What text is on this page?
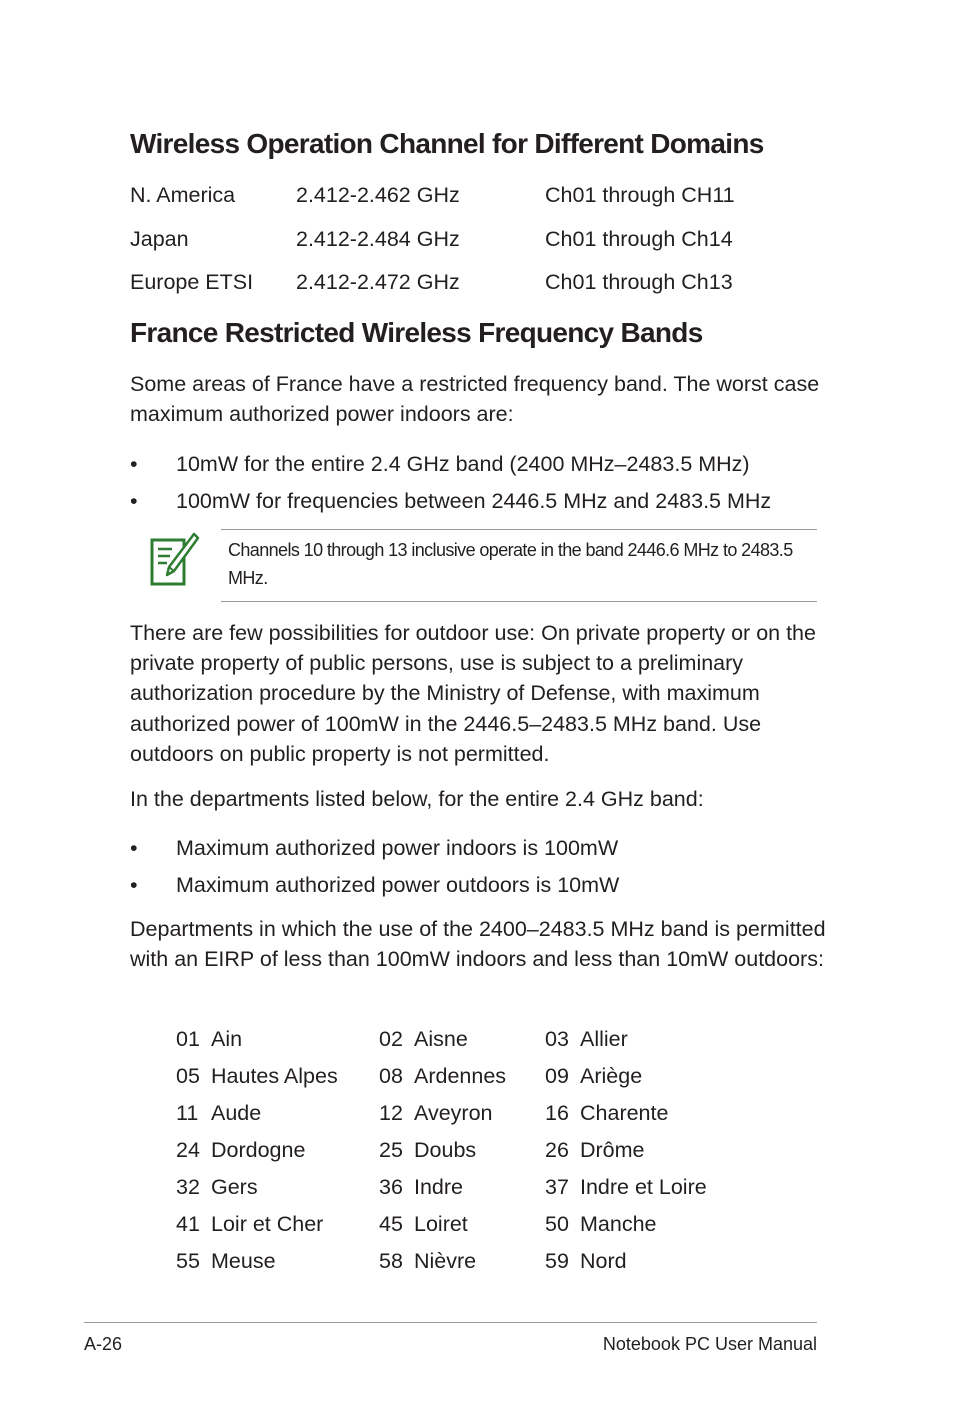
Wireless Operation Channel for Different Domains
N. America	2.412-2.462 GHz	Ch01 through CH11
Japan	2.412-2.484 GHz	Ch01 through Ch14
Europe ETSI 2.412-2.472 GHz	Ch01 through Ch13
France Restricted Wireless Frequency Bands

Some areas of France have a restricted frequency band. The worst case maximum authorized power indoors are:

• 10mW for the entire 2.4 GHz band (2400 MHz–2483.5 MHz)
• 100mW for frequencies between 2446.5 MHz and 2483.5 MHz
Channels 10 through 13 inclusive operate in the band 2446.6 MHz to 2483.5 MHz.

There are few possibilities for outdoor use: On private property or on the private property of public persons, use is subject to a preliminary authorization procedure by the Ministry of Defense, with maximum authorized power of 100mW in the 2446.5–2483.5 MHz band. Use outdoors on public property is not permitted.

In the departments listed below, for the entire 2.4 GHz band:

• Maximum authorized power indoors is 100mW
• Maximum authorized power outdoors is 10mW

Departments in which the use of the 2400–2483.5 MHz band is permitted with an EIRP of less than 100mW indoors and less than 10mW outdoors:

01 Ain	02 Aisne	03 Allier
05 Hautes Alpes 08 Ardennes 09 Ariège
11 Aude	12 Aveyron 16 Charente
24 Dordogne	25 Doubs	26 Drôme
32 Gers	36 Indre	37 Indre et Loire
41 Loir et Cher	45 Loiret	50 Manche
55 Meuse	58 Nièvre	59 Nord
A-26	Notebook PC User Manual
